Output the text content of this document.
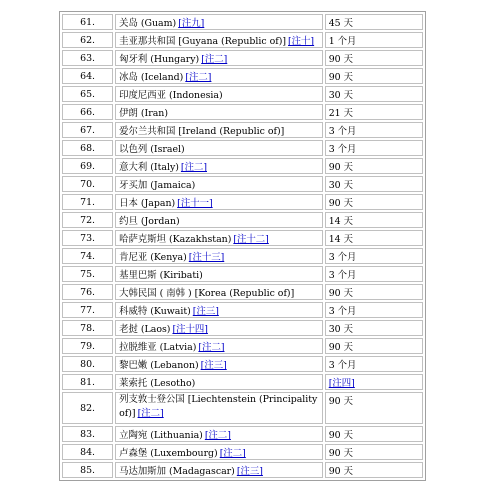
61.	关岛 (Guam) [注九]	45 天
62.	圭亚那共和国 [Guyana (Republic of)] [注十]	1 个月
63.	匈牙利 (Hungary) [注二]	90 天
64.	冰岛 (Iceland) [注二]	90 天
65.	印度尼西亚 (Indonesia)	30 天
66.	伊朗 (Iran)	21 天
67.	爱尔兰共和国 [Ireland (Republic of)]	3 个月
68.	以色列 (Israel)	3 个月
69.	意大利 (Italy) [注二]	90 天
70.	牙买加 (Jamaica)	30 天
71.	日本 (Japan) [注十一]	90 天
72.	约旦 (Jordan)	14 天
73.	哈萨克斯坦 (Kazakhstan) [注十二]	14 天
74.	肯尼亚 (Kenya) [注十三]	3 个月
75.	基里巴斯 (Kiribati)	3 个月
76.	大韩民国 ( 南韩 ) [Korea (Republic of)]	90 天
77.	科威特 (Kuwait) [注三]	3 个月
78.	老挝 (Laos) [注十四]	30 天
79.	拉脱维亚 (Latvia) [注二]	90 天
80.	黎巴嫩 (Lebanon) [注三]	3 个月
81.	莱索托 (Lesotho)	[注四]
82.	列支敦士登公国 [Liechtenstein (Principality of)] [注二]	90 天
83.	立陶宛 (Lithuania) [注二]	90 天
84.	卢森堡 (Luxembourg) [注二]	90 天
85.	马达加斯加 (Madagascar) [注三]	90 天
